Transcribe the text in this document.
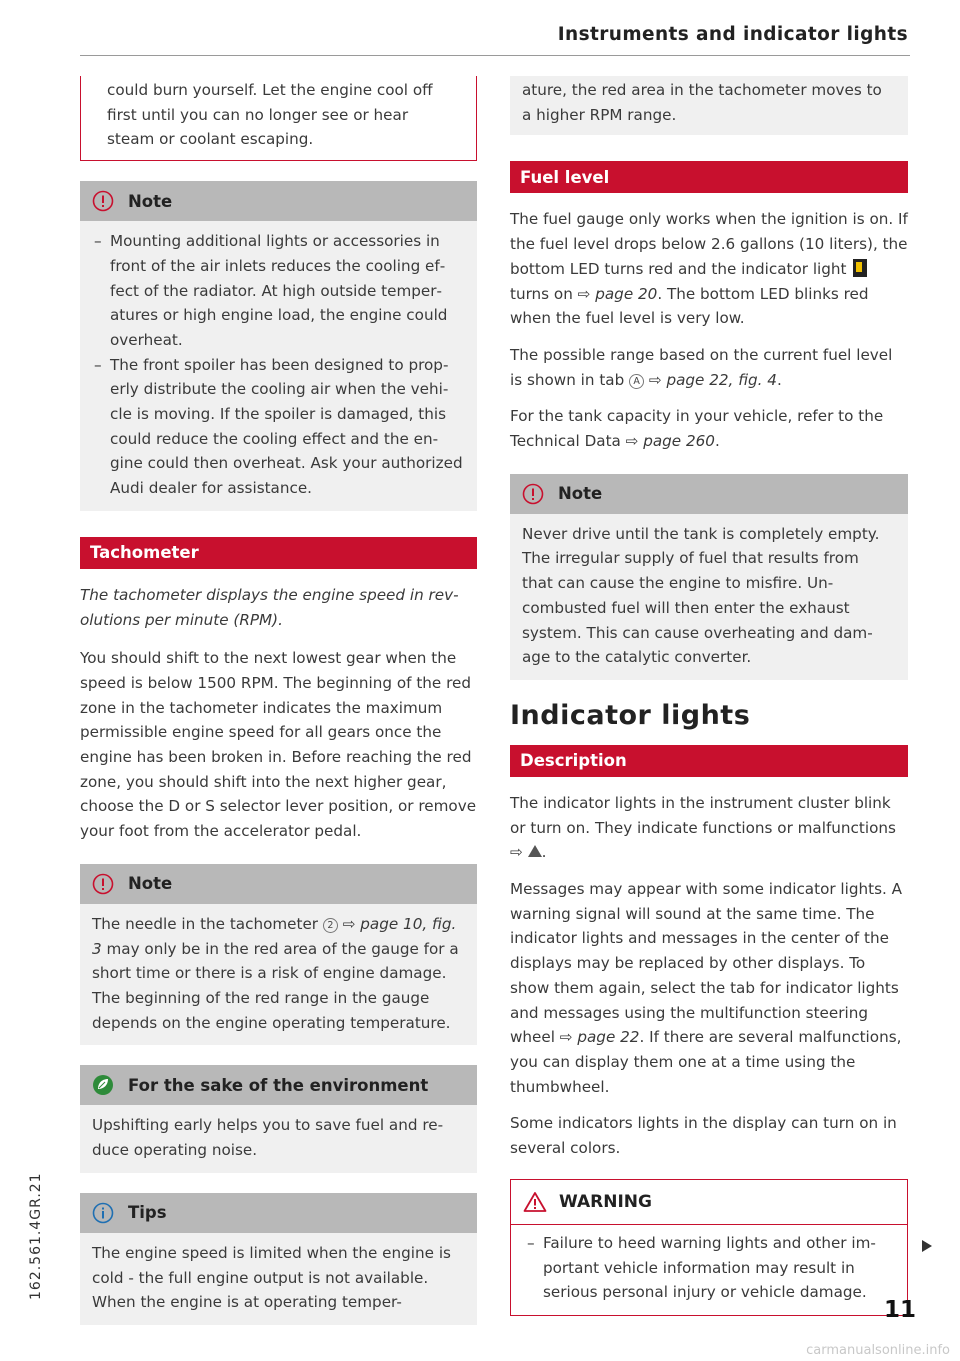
Instruments and indicator lights

could burn yourself. Let the engine cool off first until you can no longer see or hear steam or coolant escaping.

Note
– Mounting additional lights or accessories in front of the air inlets reduces the cooling effect of the radiator. At high outside temperatures or high engine load, the engine could overheat.
– The front spoiler has been designed to properly distribute the cooling air when the vehicle is moving. If the spoiler is damaged, this could reduce the cooling effect and the engine could then overheat. Ask your authorized Audi dealer for assistance.
Tachometer

The tachometer displays the engine speed in revolutions per minute (RPM).

You should shift to the next lowest gear when the speed is below 1500 RPM. The beginning of the red zone in the tachometer indicates the maximum permissible engine speed for all gears once the engine has been broken in. Before reaching the red zone, you should shift into the next higher gear, choose the D or S selector lever position, or remove your foot from the accelerator pedal.

Note

The needle in the tachometer 2 ⇨ page 10, fig. 3 may only be in the red area of the gauge for a short time or there is a risk of engine damage. The beginning of the red range in the gauge depends on the engine operating temperature.

For the sake of the environment

Upshifting early helps you to save fuel and reduce operating noise.

Tips

The engine speed is limited when the engine is cold - the full engine output is not available. When the engine is at operating temper-

ature, the red area in the tachometer moves to a higher RPM range.

Fuel level

The fuel gauge only works when the ignition is on. If the fuel level drops below 2.6 gallons (10 liters), the bottom LED turns red and the indicator light  turns on ⇨ page 20. The bottom LED blinks red when the fuel level is very low.

The possible range based on the current fuel level is shown in tab A ⇨ page 22, fig. 4.

For the tank capacity in your vehicle, refer to the Technical Data ⇨ page 260.

Note

Never drive until the tank is completely empty. The irregular supply of fuel that results from that can cause the engine to misfire. Uncombusted fuel will then enter the exhaust system. This can cause overheating and damage to the catalytic converter.

Indicator lights
Description

The indicator lights in the instrument cluster blink or turn on. They indicate functions or malfunctions ⇨ .

Messages may appear with some indicator lights. A warning signal will sound at the same time. The indicator lights and messages in the center of the displays may be replaced by other displays. To show them again, select the tab for indicator lights and messages using the multifunction steering wheel ⇨ page 22. If there are several malfunctions, you can display them one at a time using the thumbwheel.

Some indicators lights in the display can turn on in several colors.

WARNING
– Failure to heed warning lights and other important vehicle information may result in serious personal injury or vehicle damage.
11
162.561.4GR.21
carmanualsonline.info
